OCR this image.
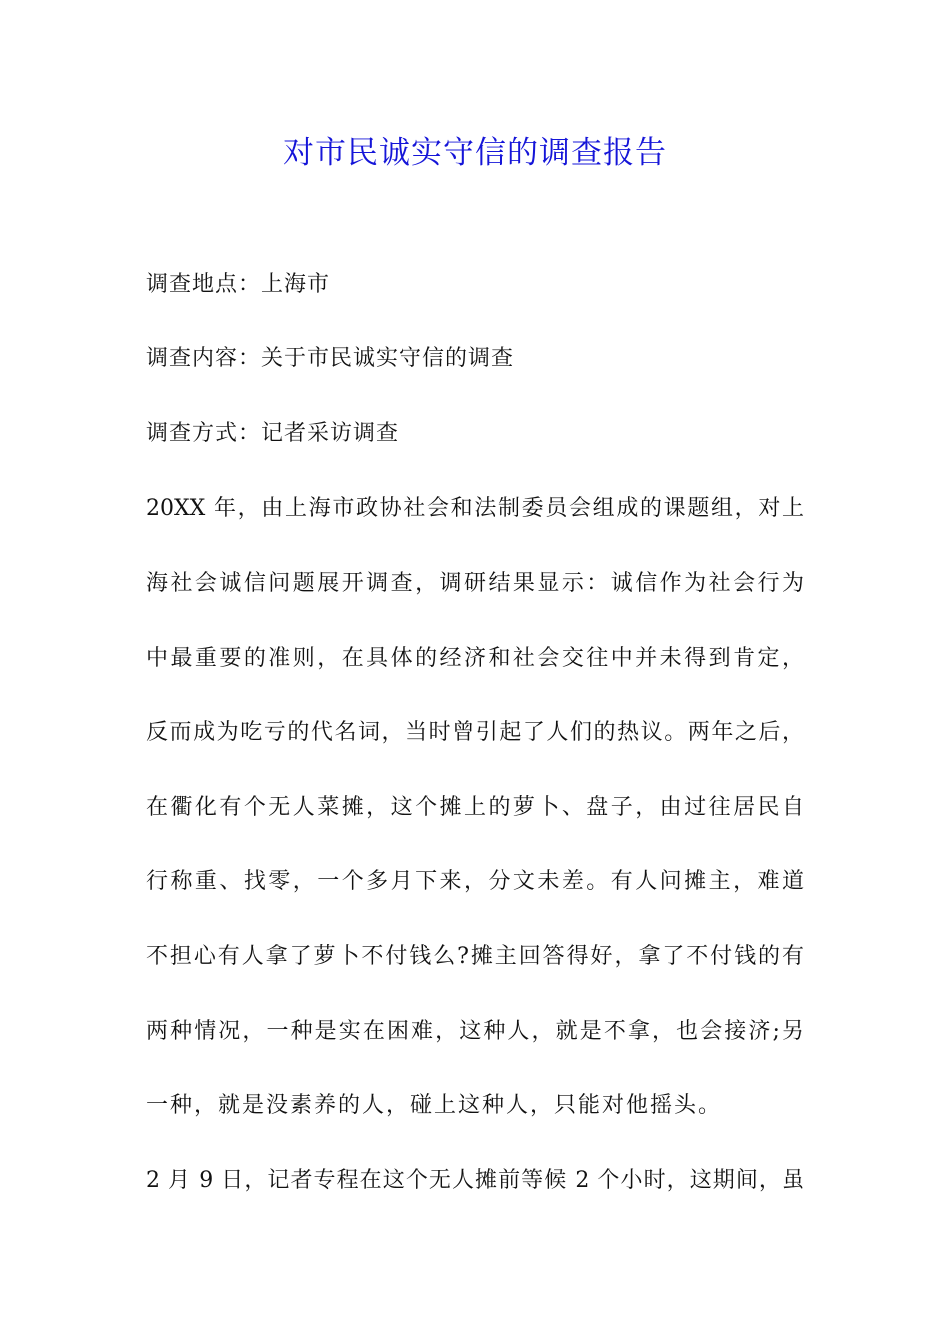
对市民诚实守信的调查报告

调查地点：上海市

调查内容：关于市民诚实守信的调查

调查方式：记者采访调查

20XX 年，由上海市政协社会和法制委员会组成的课题组，对上

海社会诚信问题展开调查，调研结果显示：诚信作为社会行为

中最重要的准则，在具体的经济和社会交往中并未得到肯定，

反而成为吃亏的代名词，当时曾引起了人们的热议。两年之后，

在衢化有个无人菜摊，这个摊上的萝卜、盘子，由过往居民自

行称重、找零，一个多月下来，分文未差。有人问摊主，难道

不担心有人拿了萝卜不付钱么?摊主回答得好，拿了不付钱的有

两种情况，一种是实在困难，这种人，就是不拿，也会接济;另

一种，就是没素养的人，碰上这种人，只能对他摇头。

2 月 9 日，记者专程在这个无人摊前等候 2 个小时，这期间，虽
